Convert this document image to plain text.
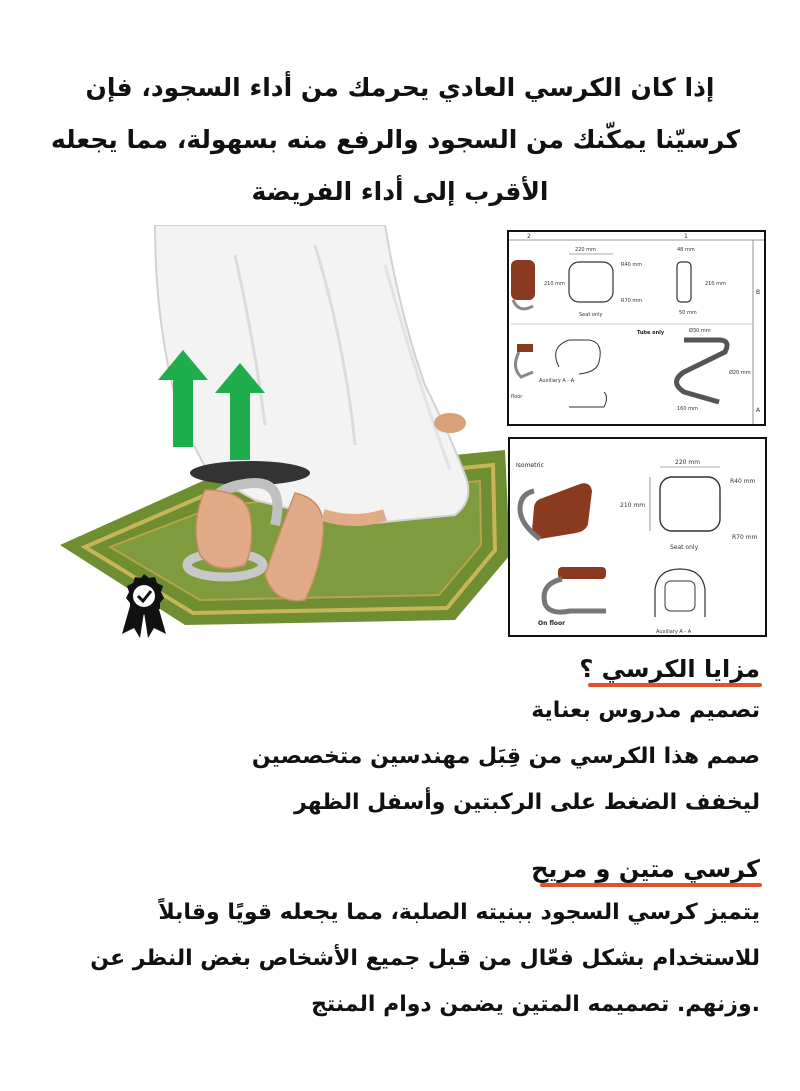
إذا كان الكرسي العادي يحرمك من أداء السجود، فإن
كرسيّنا يمكّنك من السجود والرفع منه بسهولة، مما يجعله
الأقرب إلى أداء الفريضة
2	1
B
A
220 mm
210 mm
R40 mm
R70 mm
Seat only
48 mm
210 mm
50 mm
Tube only	Ø30 mm
Ø20 mm
160 mm
Auxiliary A - A
floor
Isometric	220 mm
210 mm
R40 mm
R70 mm
Seat only
On floor
Auxiliary A - A
مزايا الكرسي ؟
تصميم مدروس بعناية
صمم هذا الكرسي من قِبَل مهندسين متخصصين
ليخفف الضغط على الركبتين وأسفل الظهر
كرسي متين و مريح
يتميز كرسي السجود ببنيته الصلبة، مما يجعله قويًا وقابلاً
للاستخدام بشكل فعّال من قبل جميع الأشخاص بغض النظر عن
.وزنهم. تصميمه المتين يضمن دوام المنتج
